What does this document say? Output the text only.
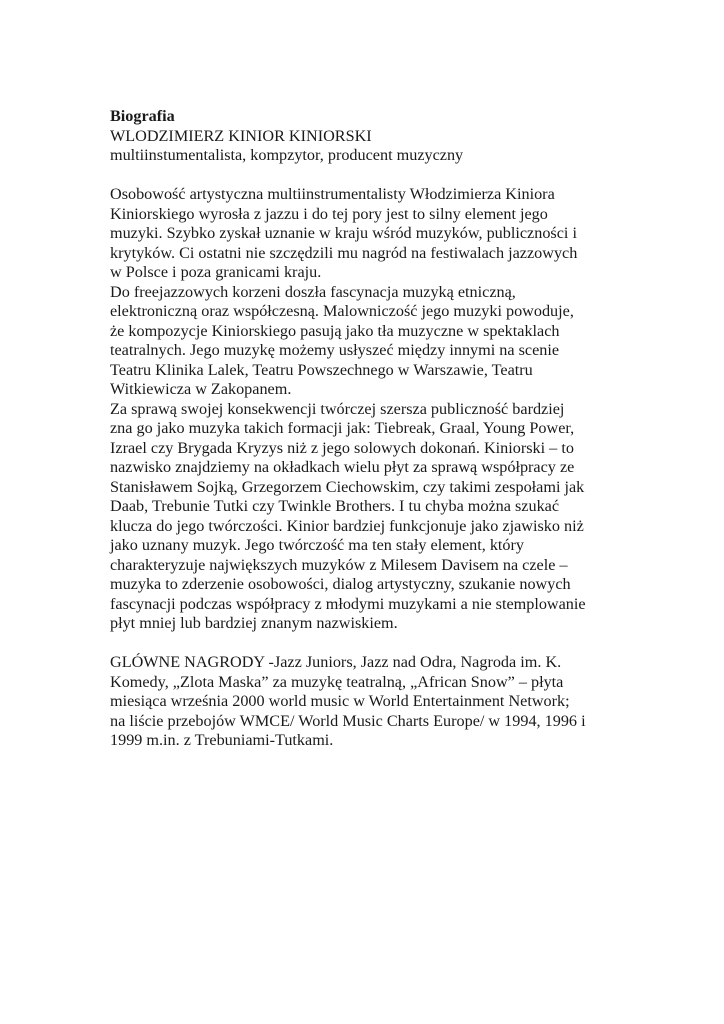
Biografia
WLODZIMIERZ KINIOR KINIORSKI
multiinstumentalista, kompzytor, producent muzyczny
Osobowość artystyczna multiinstrumentalisty Włodzimierza Kiniora
Kiniorskiego wyrosła z jazzu i do tej pory jest to silny element jego
muzyki. Szybko zyskał uznanie w kraju wśród muzyków, publiczności i
krytyków. Ci ostatni nie szczędzili mu nagród na festiwalach jazzowych
w Polsce i poza granicami kraju.
Do freejazzowych korzeni doszła fascynacja muzyką etniczną,
elektroniczną oraz współczesną. Malowniczość jego muzyki powoduje,
że kompozycje Kiniorskiego pasują jako tła muzyczne w spektaklach
teatralnych. Jego muzykę możemy usłyszeć między innymi na scenie
Teatru Klinika Lalek, Teatru Powszechnego w Warszawie, Teatru
Witkiewicza w Zakopanem.
Za sprawą swojej konsekwencji twórczej szersza publiczność bardziej
zna go jako muzyka takich formacji jak: Tiebreak, Graal, Young Power,
Izrael czy Brygada Kryzys niż z jego solowych dokonań. Kiniorski – to
nazwisko znajdziemy na okładkach wielu płyt za sprawą współpracy ze
Stanisławem Sojką, Grzegorzem Ciechowskim, czy takimi zespołami jak
Daab, Trebunie Tutki czy Twinkle Brothers. I tu chyba można szukać
klucza do jego twórczości. Kinior bardziej funkcjonuje jako zjawisko niż
jako uznany muzyk. Jego twórczość ma ten stały element, który
charakteryzuje największych muzyków z Milesem Davisem na czele –
muzyka to zderzenie osobowości, dialog artystyczny, szukanie nowych
fascynacji podczas współpracy z młodymi muzykami a nie stemplowanie
płyt mniej lub bardziej znanym nazwiskiem.
GLÓWNE NAGRODY -Jazz Juniors, Jazz nad Odra, Nagroda im. K.
Komedy, „Zlota Maska” za muzykę teatralną, „African Snow” – płyta
miesiąca września 2000 world music w World Entertainment Network;
na liście przebojów WMCE/ World Music Charts Europe/ w 1994, 1996 i
1999 m.in. z Trebuniami-Tutkami.
